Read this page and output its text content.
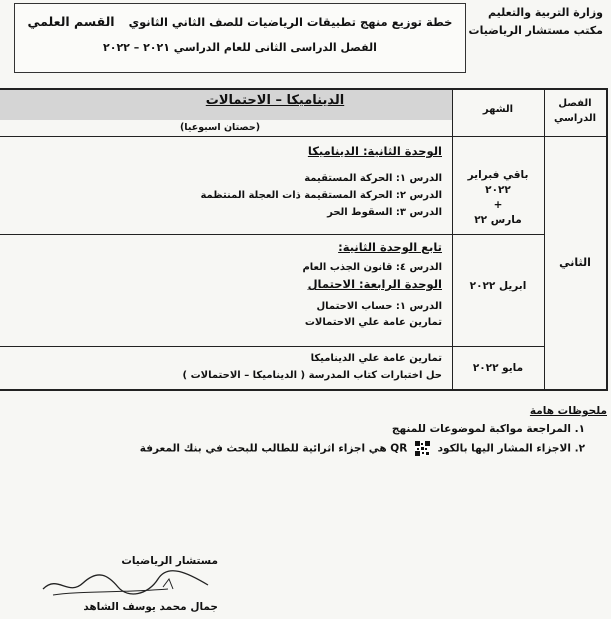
وزارة التربية والتعليم
مكتب مستشار الرياضيات
خطة توزيع منهج تطبيقات الرياضيات للصف الثاني الثانوي القسم العلمي
الفصل الدراسى الثانى للعام الدراسي ٢٠٢١ – ٢٠٢٢
الفصل الدراسي
الشهر
الديناميكا – الاحتمالات
(حصتان اسبوعيا)
الثاني
باقي فبراير ٢٠٢٢
+
مارس ٢٢
الوحدة الثانية: الديناميكا
الدرس ١: الحركة المستقيمة
الدرس ٢: الحركة المستقيمة ذات العجلة المنتظمة
الدرس ٣: السقوط الحر
ابريل ٢٠٢٢
تابع الوحدة الثانية:
الدرس ٤: قانون الجذب العام
الوحدة الرابعة: الاحتمال
الدرس ١: حساب الاحتمال
تمارين عامة علي الاحتمالات
مايو ٢٠٢٢
تمارين عامة علي الديناميكا
حل اختبارات كتاب المدرسة ( الديناميكا – الاحتمالات )
ملحوظات هامة
١. المراجعة مواكبة لموضوعات للمنهج
٢. الاجزاء المشار اليها بالكود  QR هي اجزاء اثرائية للطالب للبحث في بنك المعرفة
مستشار الرياضيات
جمال محمد يوسف الشاهد
